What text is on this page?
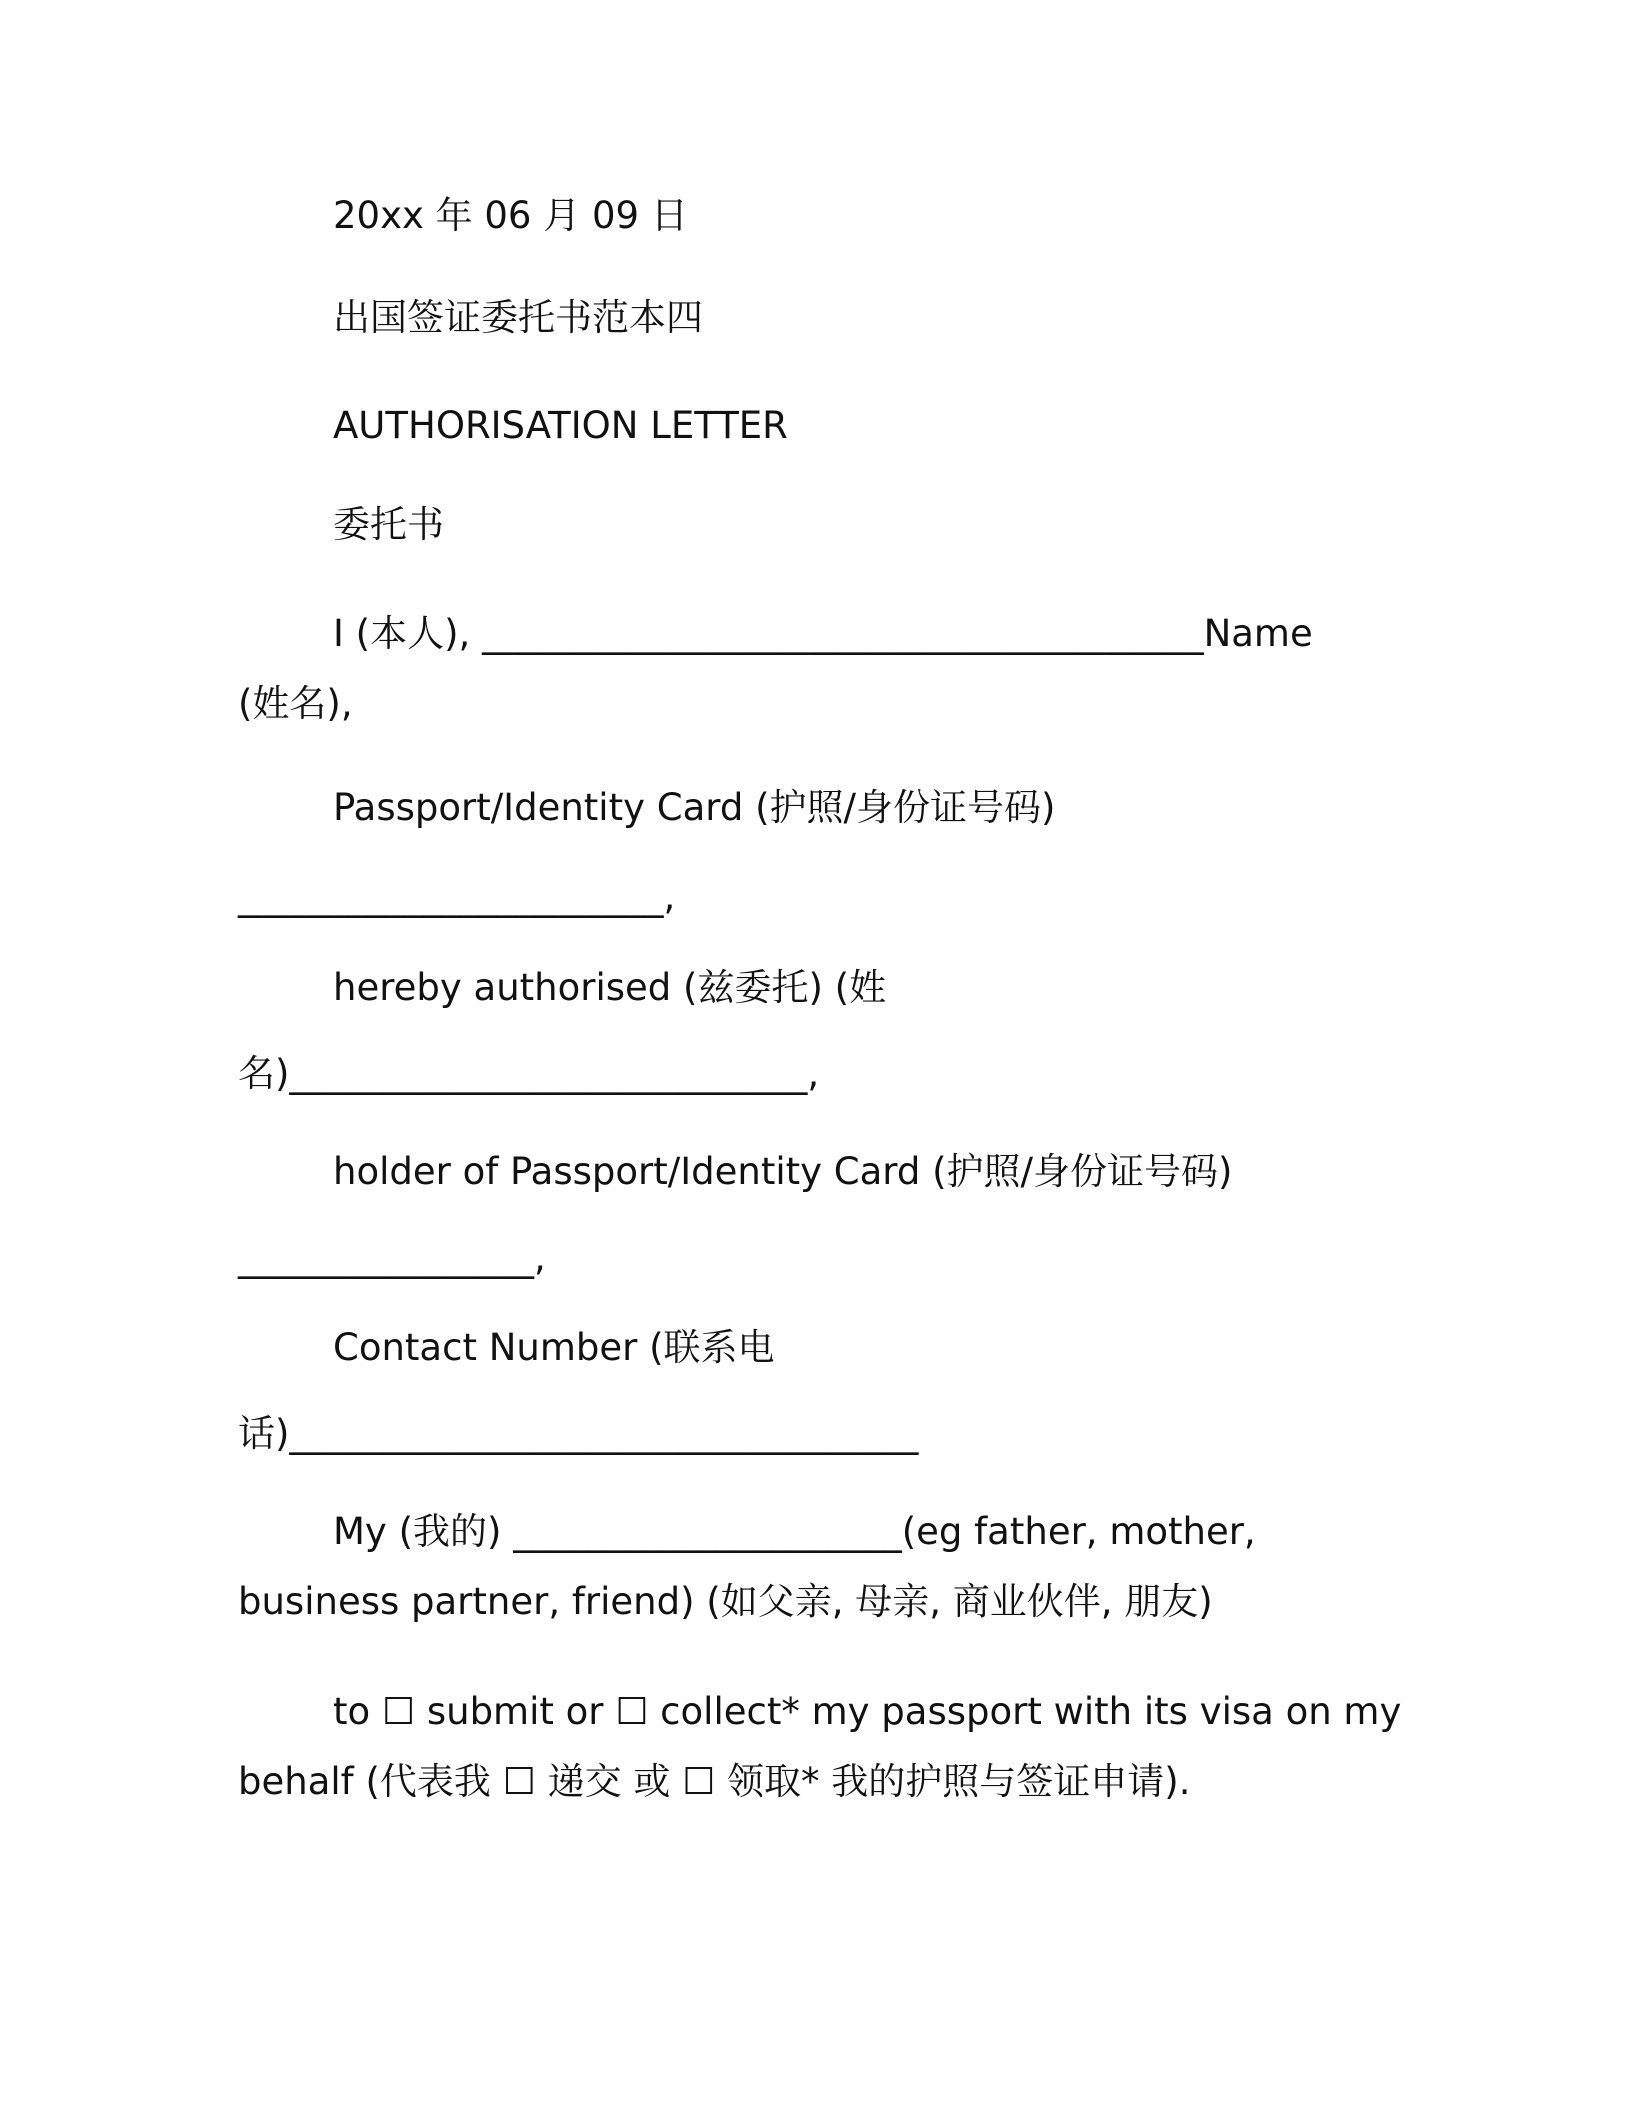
20xx 年 06 月 09 日
出国签证委托书范本四
AUTHORISATION LETTER
委托书
I (本人), _______________________________________Name
(姓名),
Passport/Identity Card (护照/身份证号码)
_______________________,
hereby authorised (兹委托) (姓
名)____________________________,
holder of Passport/Identity Card (护照/身份证号码)
________________,
Contact Number (联系电
话)__________________________________
My (我的) _____________________(eg father, mother,
business partner, friend) (如父亲, 母亲, 商业伙伴, 朋友)
to ☐ submit or ☐ collect* my passport with its visa on my
behalf (代表我 ☐ 递交 或 ☐ 领取* 我的护照与签证申请).
